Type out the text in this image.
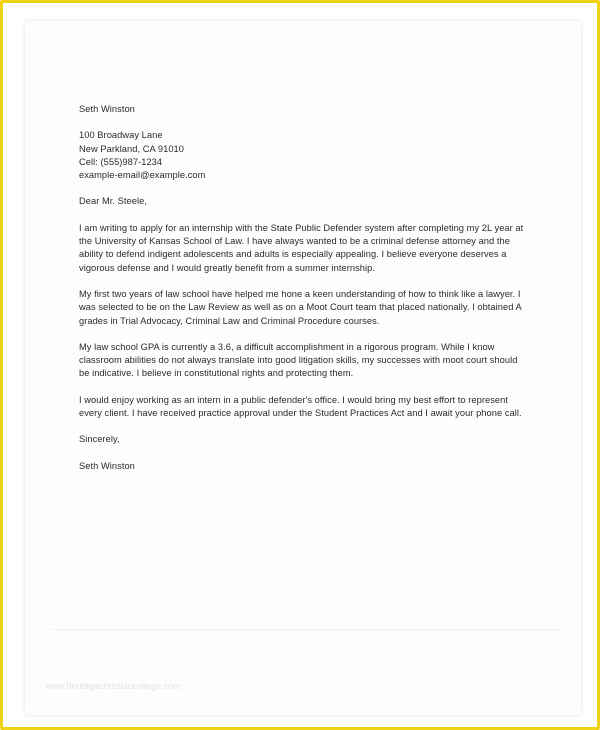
Seth Winston

100 Broadway Lane
New Parkland, CA 91010
Cell: (555)987-1234
example-email@example.com

Dear Mr. Steele,

I am writing to apply for an internship with the State Public Defender system after completing my 2L year at the University of Kansas School of Law. I have always wanted to be a criminal defense attorney and the ability to defend indigent adolescents and adults is especially appealing. I believe everyone deserves a vigorous defense and I would greatly benefit from a summer internship.

My first two years of law school have helped me hone a keen understanding of how to think like a lawyer. I was selected to be on the Law Review as well as on a Moot Court team that placed nationally. I obtained A grades in Trial Advocacy, Criminal Law and Criminal Procedure courses.

My law school GPA is currently a 3.6, a difficult accomplishment in a rigorous program. While I know classroom abilities do not always translate into good litigation skills, my successes with moot court should be indicative. I believe in constitutional rights and protecting them.

I would enjoy working as an intern in a public defender's office. I would bring my best effort to represent every client. I have received practice approval under the Student Practices Act and I await your phone call.

Sincerely,

Seth Winston

www.heritagechristiancollege.com
